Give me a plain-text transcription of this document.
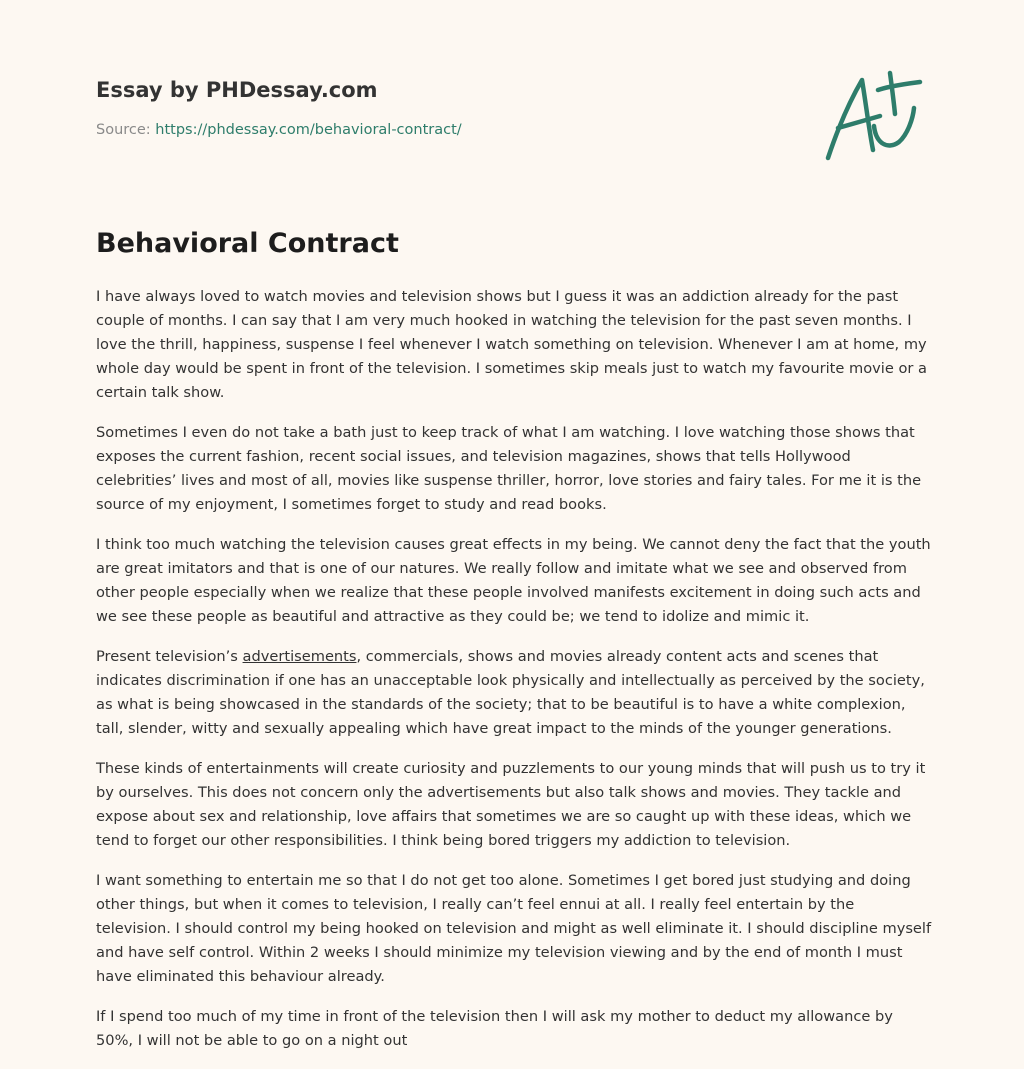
Essay by PHDessay.com
Source: https://phdessay.com/behavioral-contract/
Behavioral Contract

I have always loved to watch movies and television shows but I guess it was an addiction already for the past couple of months. I can say that I am very much hooked in watching the television for the past seven months. I love the thrill, happiness, suspense I feel whenever I watch something on television. Whenever I am at home, my whole day would be spent in front of the television. I sometimes skip meals just to watch my favourite movie or a certain talk show.

Sometimes I even do not take a bath just to keep track of what I am watching. I love watching those shows that exposes the current fashion, recent social issues, and television magazines, shows that tells Hollywood celebrities’ lives and most of all, movies like suspense thriller, horror, love stories and fairy tales. For me it is the source of my enjoyment, I sometimes forget to study and read books.

I think too much watching the television causes great effects in my being. We cannot deny the fact that the youth are great imitators and that is one of our natures. We really follow and imitate what we see and observed from other people especially when we realize that these people involved manifests excitement in doing such acts and we see these people as beautiful and attractive as they could be; we tend to idolize and mimic it.

Present television’s advertisements, commercials, shows and movies already content acts and scenes that indicates discrimination if one has an unacceptable look physically and intellectually as perceived by the society, as what is being showcased in the standards of the society; that to be beautiful is to have a white complexion, tall, slender, witty and sexually appealing which have great impact to the minds of the younger generations.

These kinds of entertainments will create curiosity and puzzlements to our young minds that will push us to try it by ourselves. This does not concern only the advertisements but also talk shows and movies. They tackle and expose about sex and relationship, love affairs that sometimes we are so caught up with these ideas, which we tend to forget our other responsibilities. I think being bored triggers my addiction to television.

I want something to entertain me so that I do not get too alone. Sometimes I get bored just studying and doing other things, but when it comes to television, I really can’t feel ennui at all. I really feel entertain by the television. I should control my being hooked on television and might as well eliminate it. I should discipline myself and have self control. Within 2 weeks I should minimize my television viewing and by the end of month I must have eliminated this behaviour already.

If I spend too much of my time in front of the television then I will ask my mother to deduct my allowance by 50%, I will not be able to go on a night out
